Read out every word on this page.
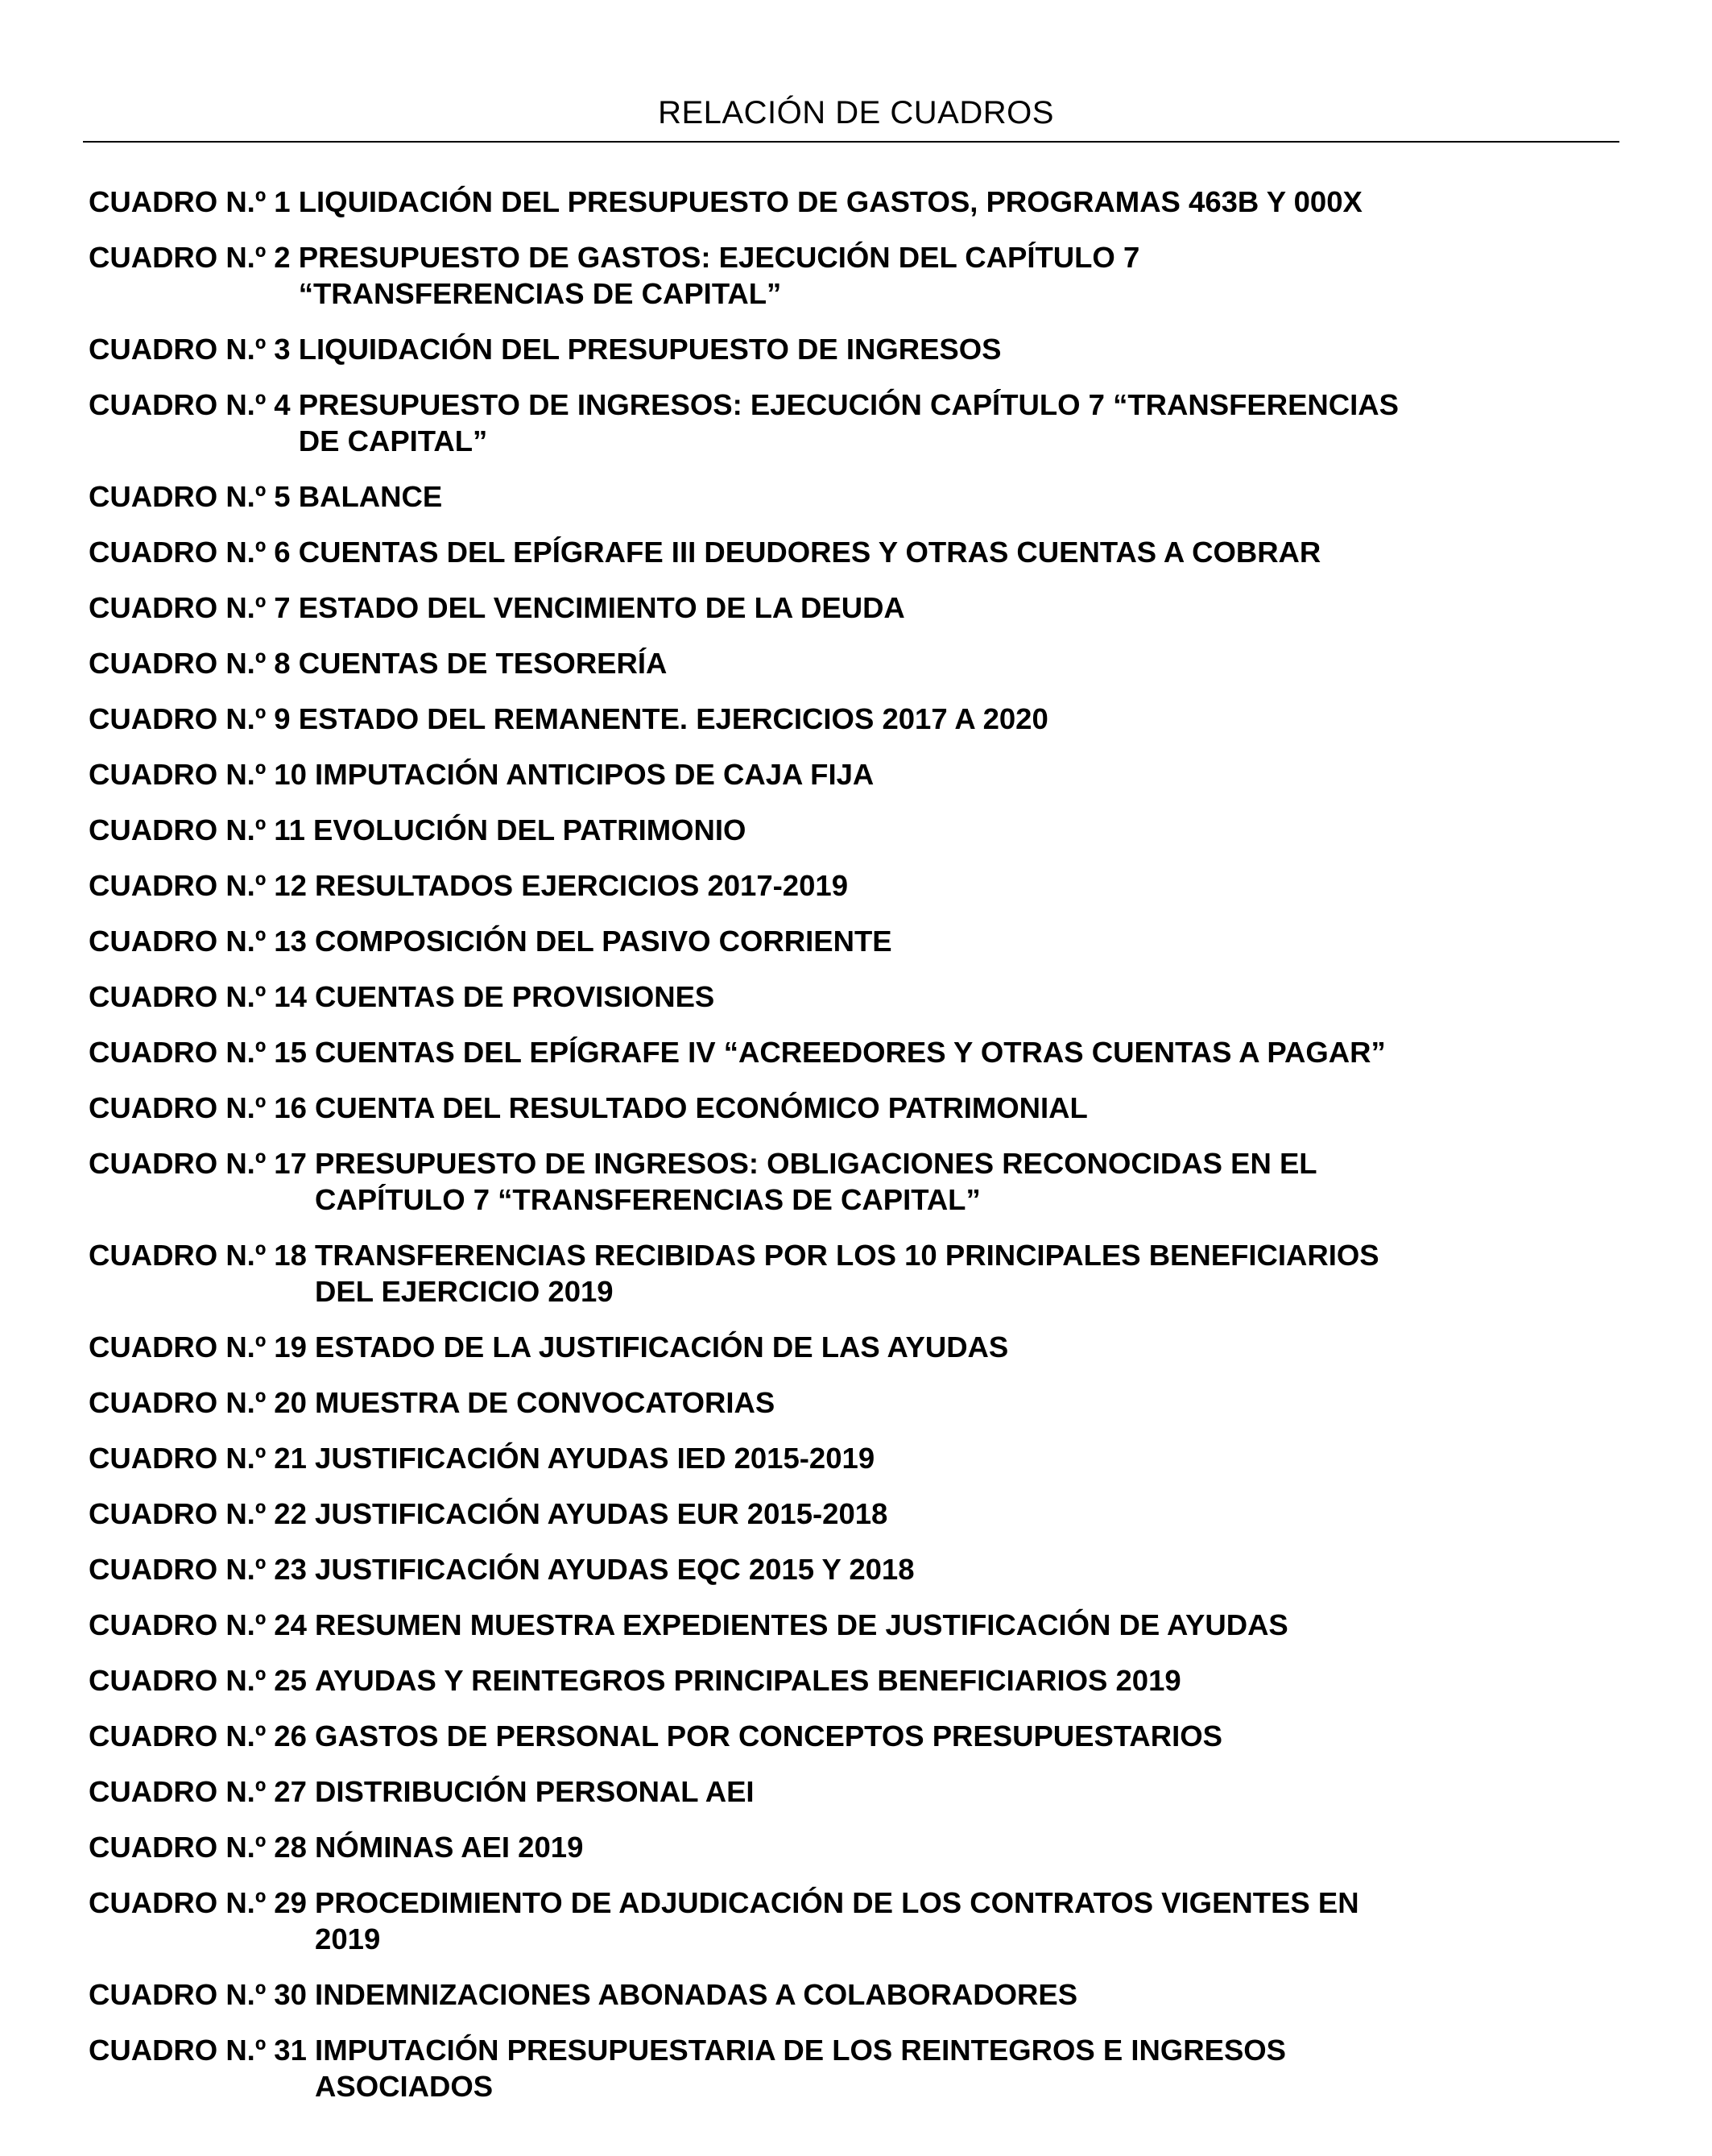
RELACIÓN DE CUADROS
CUADRO N.º 1 LIQUIDACIÓN DEL PRESUPUESTO DE GASTOS, PROGRAMAS 463B Y 000X
CUADRO N.º 2 PRESUPUESTO DE GASTOS: EJECUCIÓN DEL CAPÍTULO 7
“TRANSFERENCIAS DE CAPITAL”
CUADRO N.º 3 LIQUIDACIÓN DEL PRESUPUESTO DE INGRESOS
CUADRO N.º 4 PRESUPUESTO DE INGRESOS: EJECUCIÓN CAPÍTULO 7 “TRANSFERENCIAS
DE CAPITAL”
CUADRO N.º 5 BALANCE
CUADRO N.º 6 CUENTAS DEL EPÍGRAFE III DEUDORES Y OTRAS CUENTAS A COBRAR
CUADRO N.º 7 ESTADO DEL VENCIMIENTO DE LA DEUDA
CUADRO N.º 8 CUENTAS DE TESORERÍA
CUADRO N.º 9 ESTADO DEL REMANENTE. EJERCICIOS 2017 A 2020
CUADRO N.º 10 IMPUTACIÓN ANTICIPOS DE CAJA FIJA
CUADRO N.º 11 EVOLUCIÓN DEL PATRIMONIO
CUADRO N.º 12 RESULTADOS EJERCICIOS 2017-2019
CUADRO N.º 13 COMPOSICIÓN DEL PASIVO CORRIENTE
CUADRO N.º 14 CUENTAS DE PROVISIONES
CUADRO N.º 15 CUENTAS DEL EPÍGRAFE IV “ACREEDORES Y OTRAS CUENTAS A PAGAR”
CUADRO N.º 16 CUENTA DEL RESULTADO ECONÓMICO PATRIMONIAL
CUADRO N.º 17 PRESUPUESTO DE INGRESOS: OBLIGACIONES RECONOCIDAS EN EL
CAPÍTULO 7 “TRANSFERENCIAS DE CAPITAL”
CUADRO N.º 18 TRANSFERENCIAS RECIBIDAS POR LOS 10 PRINCIPALES BENEFICIARIOS
DEL EJERCICIO 2019
CUADRO N.º 19 ESTADO DE LA JUSTIFICACIÓN DE LAS AYUDAS
CUADRO N.º 20 MUESTRA DE CONVOCATORIAS
CUADRO N.º 21 JUSTIFICACIÓN AYUDAS IED 2015-2019
CUADRO N.º 22 JUSTIFICACIÓN AYUDAS EUR 2015-2018
CUADRO N.º 23 JUSTIFICACIÓN AYUDAS EQC 2015 Y 2018
CUADRO N.º 24 RESUMEN MUESTRA EXPEDIENTES DE JUSTIFICACIÓN DE AYUDAS
CUADRO N.º 25 AYUDAS Y REINTEGROS PRINCIPALES BENEFICIARIOS 2019
CUADRO N.º 26 GASTOS DE PERSONAL POR CONCEPTOS PRESUPUESTARIOS
CUADRO N.º 27 DISTRIBUCIÓN PERSONAL AEI
CUADRO N.º 28 NÓMINAS AEI 2019
CUADRO N.º 29 PROCEDIMIENTO DE ADJUDICACIÓN DE LOS CONTRATOS VIGENTES EN
2019
CUADRO N.º 30 INDEMNIZACIONES ABONADAS A COLABORADORES
CUADRO N.º 31 IMPUTACIÓN PRESUPUESTARIA DE LOS REINTEGROS E INGRESOS
ASOCIADOS
